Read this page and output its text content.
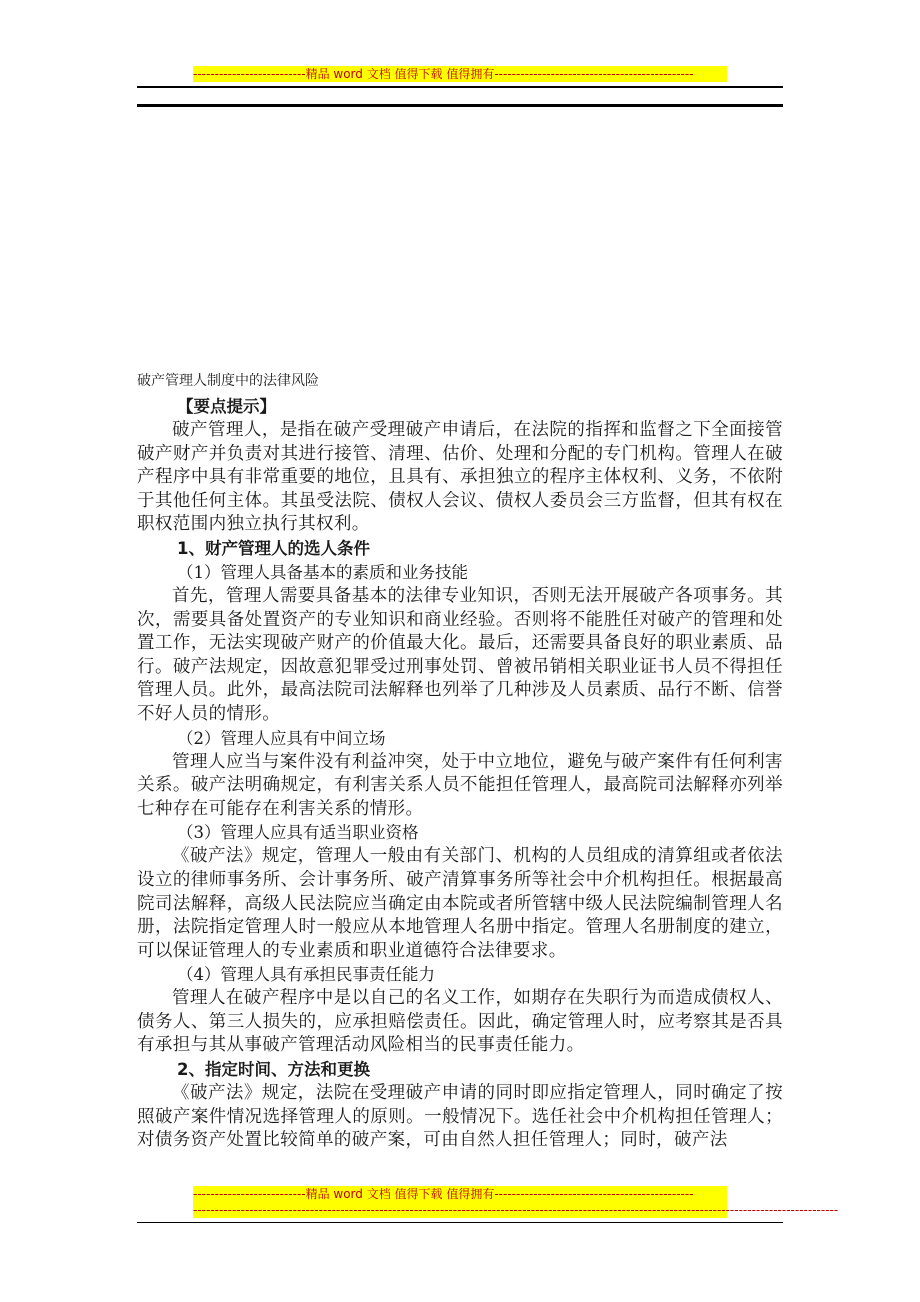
--------------------------精品 word 文档 值得下载 值得拥有----------------------------------------------
破产管理人制度中的法律风险

【要点提示】

破产管理人，是指在破产受理破产申请后，在法院的指挥和监督之下全面接管破产财产并负责对其进行接管、清理、估价、处理和分配的专门机构。管理人在破产程序中具有非常重要的地位，且具有、承担独立的程序主体权利、义务，不依附于其他任何主体。其虽受法院、债权人会议、债权人委员会三方监督，但其有权在职权范围内独立执行其权利。

1、财产管理人的选人条件

（1）管理人具备基本的素质和业务技能

首先，管理人需要具备基本的法律专业知识，否则无法开展破产各项事务。其次，需要具备处置资产的专业知识和商业经验。否则将不能胜任对破产的管理和处置工作，无法实现破产财产的价值最大化。最后，还需要具备良好的职业素质、品行。破产法规定，因故意犯罪受过刑事处罚、曾被吊销相关职业证书人员不得担任管理人员。此外，最高法院司法解释也列举了几种涉及人员素质、品行不断、信誉不好人员的情形。

（2）管理人应具有中间立场

管理人应当与案件没有利益冲突，处于中立地位，避免与破产案件有任何利害关系。破产法明确规定，有利害关系人员不能担任管理人，最高院司法解释亦列举七种存在可能存在利害关系的情形。

（3）管理人应具有适当职业资格

《破产法》规定，管理人一般由有关部门、机构的人员组成的清算组或者依法设立的律师事务所、会计事务所、破产清算事务所等社会中介机构担任。根据最高院司法解释，高级人民法院应当确定由本院或者所管辖中级人民法院编制管理人名册，法院指定管理人时一般应从本地管理人名册中指定。管理人名册制度的建立，可以保证管理人的专业素质和职业道德符合法律要求。

（4）管理人具有承担民事责任能力

管理人在破产程序中是以自己的名义工作，如期存在失职行为而造成债权人、债务人、第三人损失的，应承担赔偿责任。因此，确定管理人时，应考察其是否具有承担与其从事破产管理活动风险相当的民事责任能力。

2、指定时间、方法和更换

《破产法》规定，法院在受理破产申请的同时即应指定管理人，同时确定了按照破产案件情况选择管理人的原则。一般情况下。选任社会中介机构担任管理人；对债务资产处置比较简单的破产案，可由自然人担任管理人；同时，破产法

--------------------------精品 word 文档 值得下载 值得拥有----------------------------------------------
-----------------------------------------------------------------------------------------------------------------------------------------------------
